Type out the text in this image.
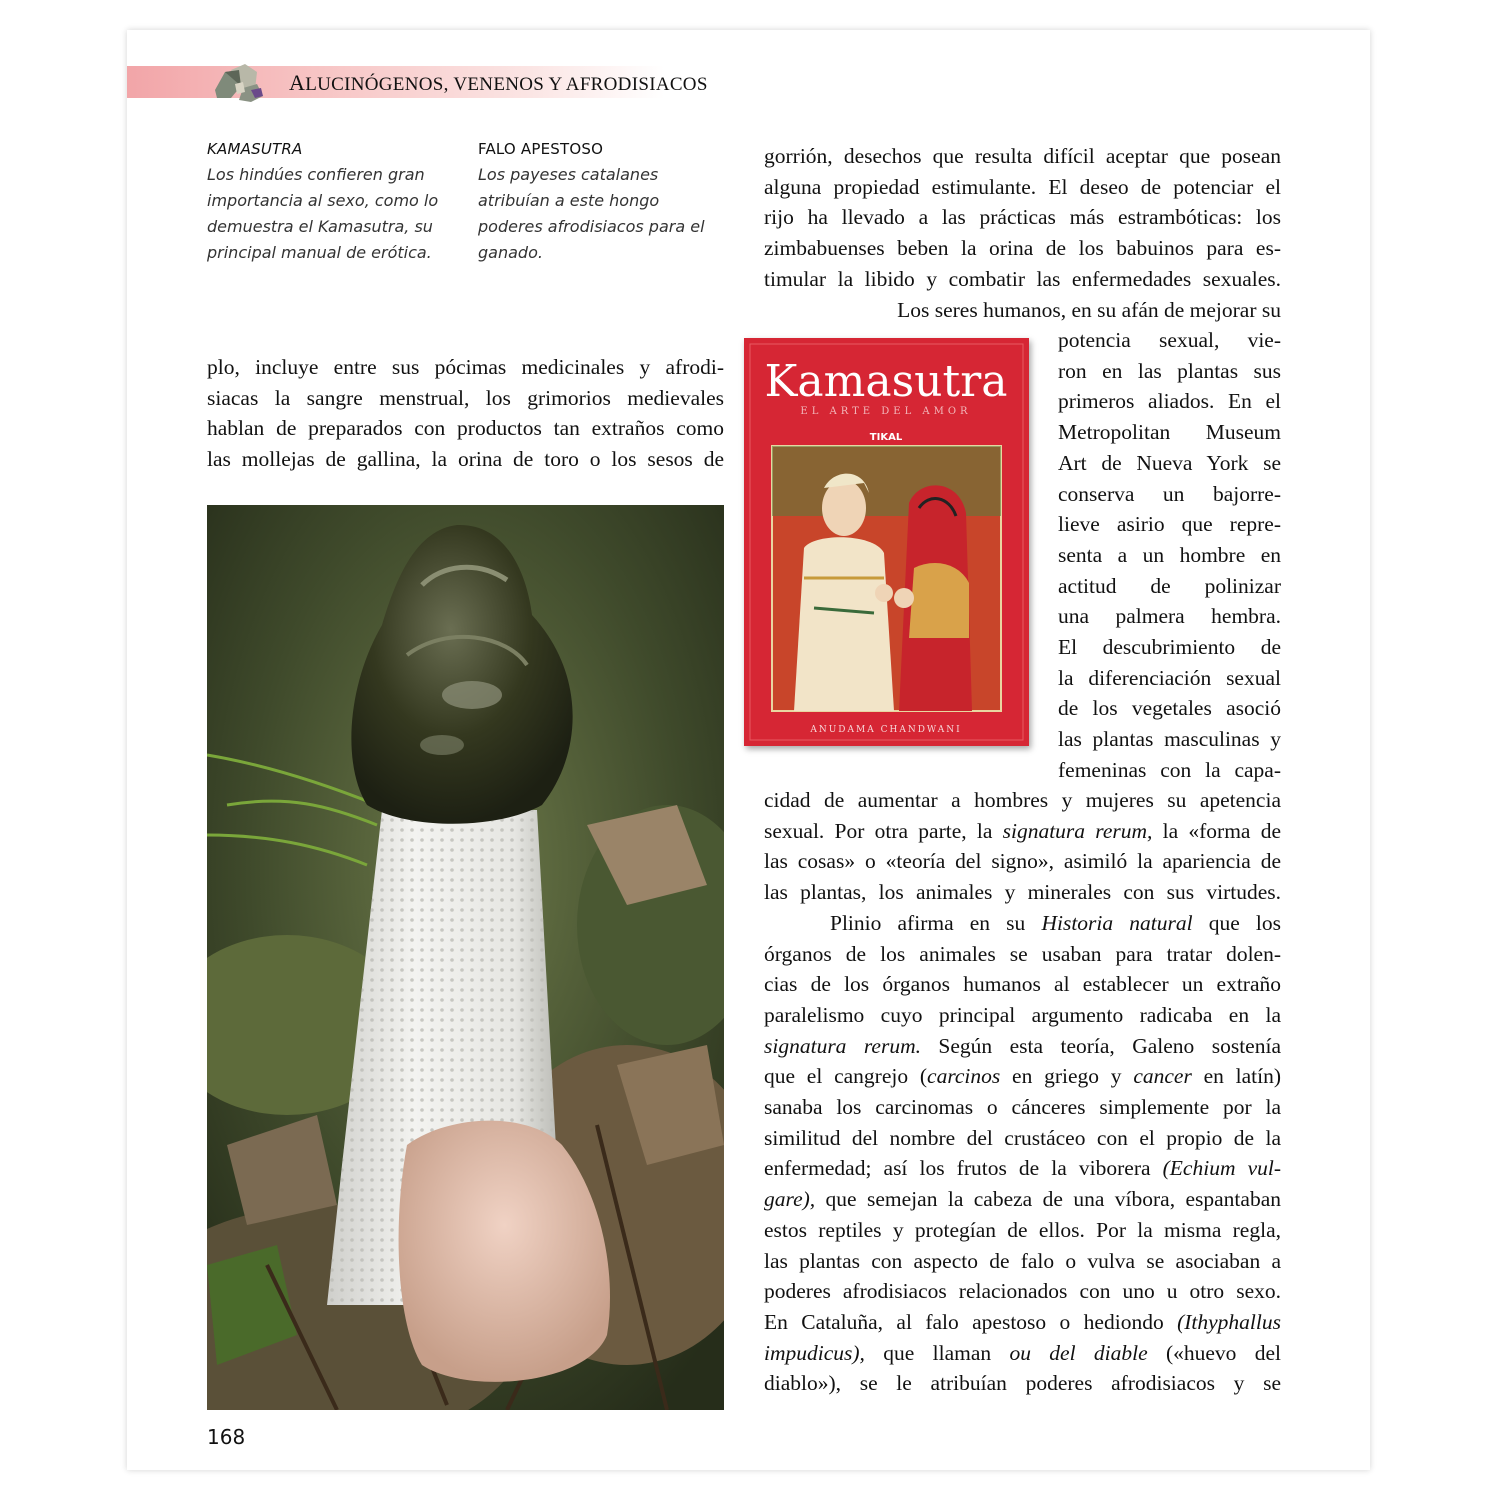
ALUCINÓGENOS, VENENOS Y AFRODISIACOS
KAMASUTRA
Los hindúes confieren gran
importancia al sexo, como lo
demuestra el Kamasutra, su
principal manual de erótica.
FALO APESTOSO
Los payeses catalanes
atribuían a este hongo
poderes afrodisiacos para el
ganado.
plo, incluye entre sus pócimas medicinales y afrodi-
siacas la sangre menstrual, los grimorios medievales
hablan de preparados con productos tan extraños como
las mollejas de gallina, la orina de toro o los sesos de
Kamasutra
EL ARTE DEL AMOR
TIKAL
ANUDAMA CHANDWANI
gorrión, desechos que resulta difícil aceptar que posean
alguna propiedad estimulante. El deseo de potenciar el
rijo ha llevado a las prácticas más estrambóticas: los
zimbabuenses beben la orina de los babuinos para es-
timular la libido y combatir las enfermedades sexuales.
Los seres humanos, en su afán de mejorar su
potencia sexual, vie-
ron en las plantas sus
primeros aliados. En el
Metropolitan Museum
Art de Nueva York se
conserva un bajorre-
lieve asirio que repre-
senta a un hombre en
actitud de polinizar
una palmera hembra.
El descubrimiento de
la diferenciación sexual
de los vegetales asoció
las plantas masculinas y
femeninas con la capa-
cidad de aumentar a hombres y mujeres su apetencia
sexual. Por otra parte, la signatura rerum, la «forma de
las cosas» o «teoría del signo», asimiló la apariencia de
las plantas, los animales y minerales con sus virtudes.
Plinio afirma en su Historia natural que los
órganos de los animales se usaban para tratar dolen-
cias de los órganos humanos al establecer un extraño
paralelismo cuyo principal argumento radicaba en la
signatura rerum. Según esta teoría, Galeno sostenía
que el cangrejo (carcinos en griego y cancer en latín)
sanaba los carcinomas o cánceres simplemente por la
similitud del nombre del crustáceo con el propio de la
enfermedad; así los frutos de la viborera (Echium vul-
gare), que semejan la cabeza de una víbora, espantaban
estos reptiles y protegían de ellos. Por la misma regla,
las plantas con aspecto de falo o vulva se asociaban a
poderes afrodisiacos relacionados con uno u otro sexo.
En Cataluña, al falo apestoso o hediondo (Ithyphallus
impudicus), que llaman ou del diable («huevo del
diablo»), se le atribuían poderes afrodisiacos y se
168
